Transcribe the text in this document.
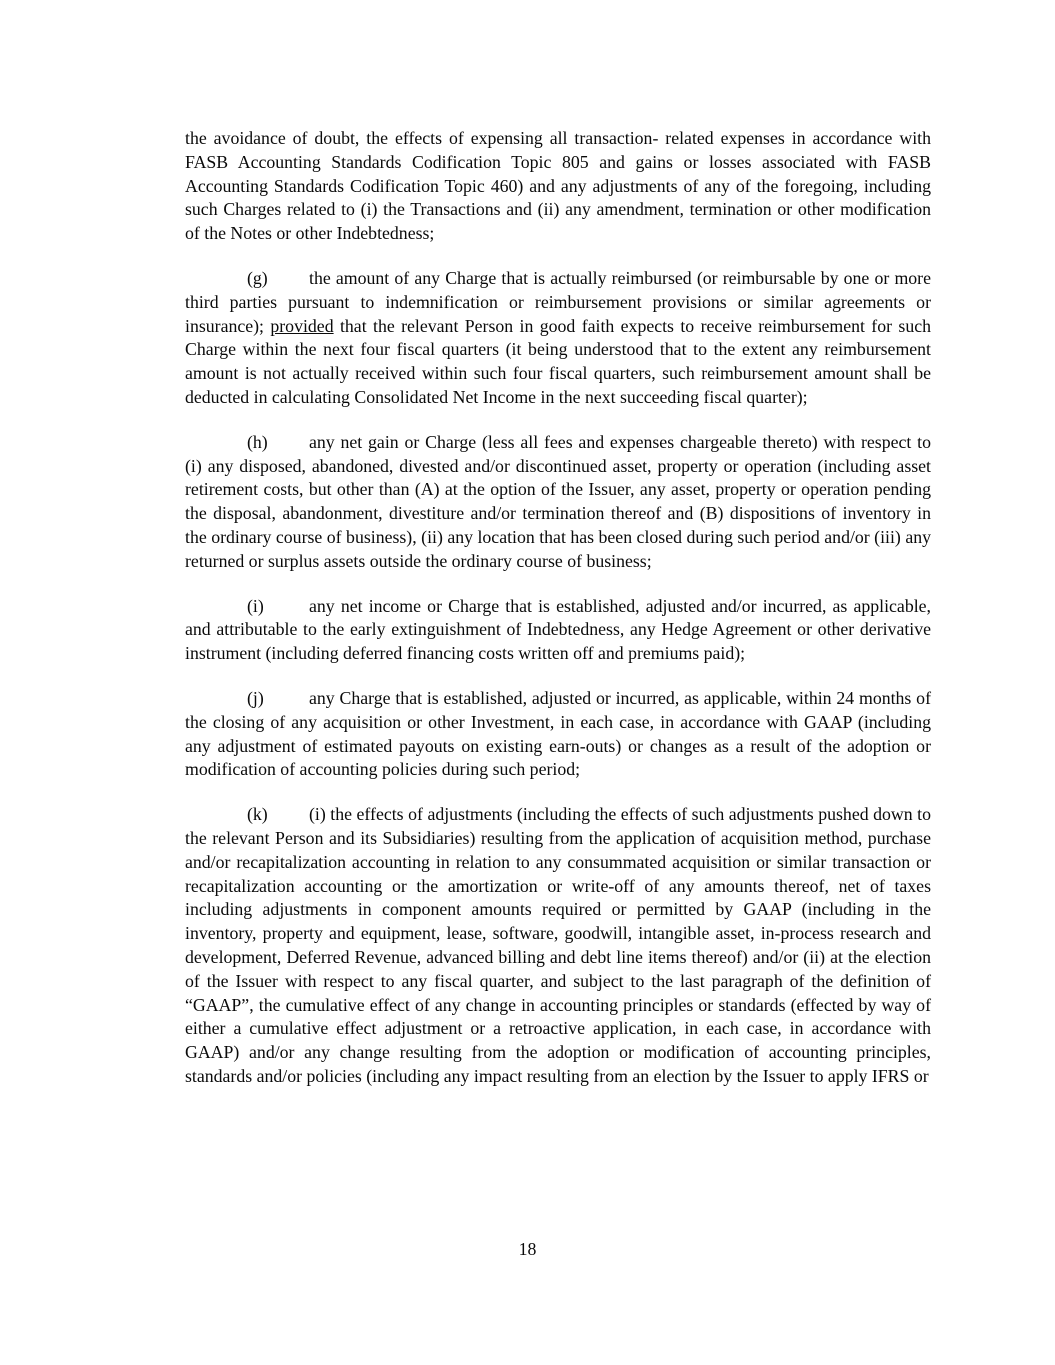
the avoidance of doubt, the effects of expensing all transaction- related expenses in accordance with FASB Accounting Standards Codification Topic 805 and gains or losses associated with FASB Accounting Standards Codification Topic 460) and any adjustments of any of the foregoing, including such Charges related to (i) the Transactions and (ii) any amendment, termination or other modification of the Notes or other Indebtedness;

(g) the amount of any Charge that is actually reimbursed (or reimbursable by one or more third parties pursuant to indemnification or reimbursement provisions or similar agreements or insurance); provided that the relevant Person in good faith expects to receive reimbursement for such Charge within the next four fiscal quarters (it being understood that to the extent any reimbursement amount is not actually received within such four fiscal quarters, such reimbursement amount shall be deducted in calculating Consolidated Net Income in the next succeeding fiscal quarter);

(h) any net gain or Charge (less all fees and expenses chargeable thereto) with respect to (i) any disposed, abandoned, divested and/or discontinued asset, property or operation (including asset retirement costs, but other than (A) at the option of the Issuer, any asset, property or operation pending the disposal, abandonment, divestiture and/or termination thereof and (B) dispositions of inventory in the ordinary course of business), (ii) any location that has been closed during such period and/or (iii) any returned or surplus assets outside the ordinary course of business;

(i)	any net income or Charge that is established, adjusted and/or incurred, as applicable, and attributable to the early extinguishment of Indebtedness, any Hedge Agreement or other derivative instrument (including deferred financing costs written off and premiums paid);

(j)	any Charge that is established, adjusted or incurred, as applicable, within 24 months of the closing of any acquisition or other Investment, in each case, in accordance with GAAP (including any adjustment of estimated payouts on existing earn-outs) or changes as a result of the adoption or modification of accounting policies during such period;

(k) (i) the effects of adjustments (including the effects of such adjustments pushed down to the relevant Person and its Subsidiaries) resulting from the application of acquisition method, purchase and/or recapitalization accounting in relation to any consummated acquisition or similar transaction or recapitalization accounting or the amortization or write-off of any amounts thereof, net of taxes including adjustments in component amounts required or permitted by GAAP (including in the inventory, property and equipment, lease, software, goodwill, intangible asset, in-process research and development, Deferred Revenue, advanced billing and debt line items thereof) and/or (ii) at the election of the Issuer with respect to any fiscal quarter, and subject to the last paragraph of the definition of “GAAP”, the cumulative effect of any change in accounting principles or standards (effected by way of either a cumulative effect adjustment or a retroactive application, in each case, in accordance with GAAP) and/or any change resulting from the adoption or modification of accounting principles, standards and/or policies (including any impact resulting from an election by the Issuer to apply IFRS or

18
